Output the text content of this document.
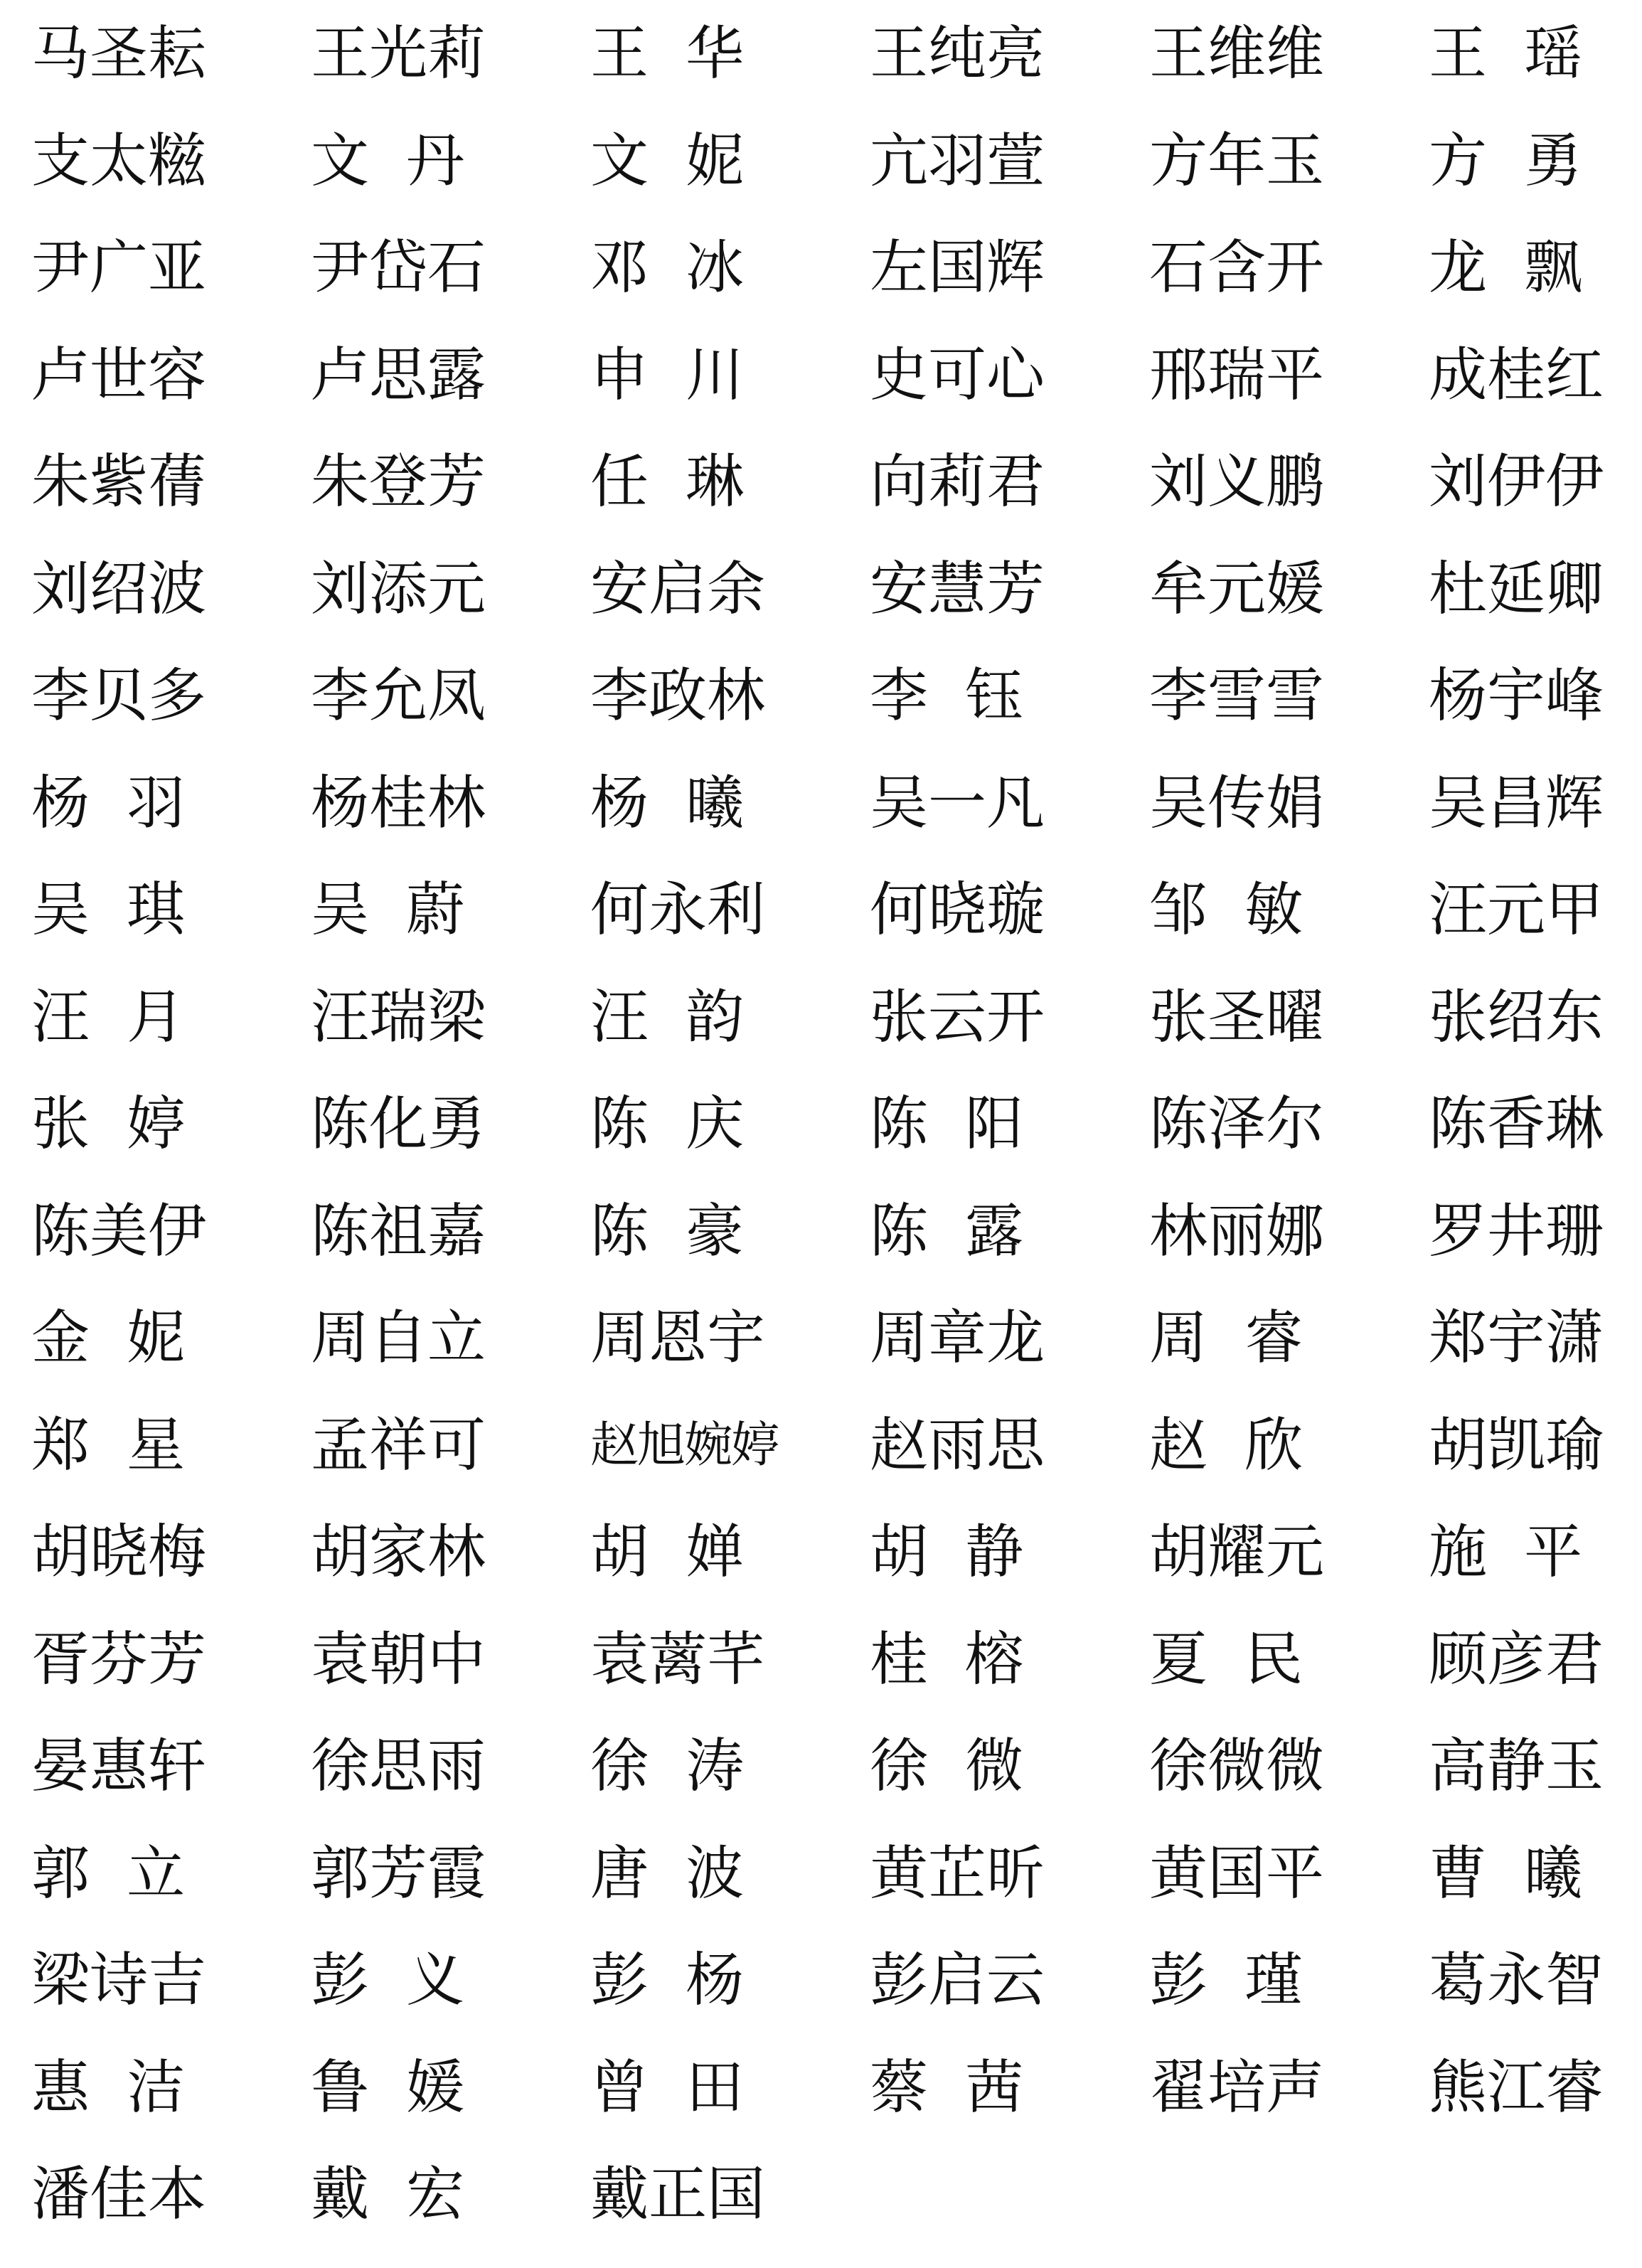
马圣耘	王光莉	王  华	王纯亮	王维维	王  瑶
支太糍	文  丹	文  妮	亢羽萱	方年玉	方  勇
尹广亚	尹岱石	邓  冰	左国辉	石含开	龙  飘
卢世容	卢思露	申  川	史可心	邢瑞平	成桂红
朱紫蒨	朱登芳	任  琳	向莉君	刘义鹏	刘伊伊
刘绍波	刘添元	安启余	安慧芳	牟元媛	杜延卿
李贝多	李允凤	李政林	李  钰	李雪雪	杨宇峰
杨  羽	杨桂林	杨  曦	吴一凡	吴传娟	吴昌辉
吴  琪	吴  蔚	何永利	何晓璇	邹  敏	汪元甲
汪  月	汪瑞梁	汪  韵	张云开	张圣曜	张绍东
张  婷	陈化勇	陈  庆	陈  阳	陈泽尔	陈香琳
陈美伊	陈祖嘉	陈  豪	陈  露	林丽娜	罗井珊
金  妮	周自立	周恩宇	周章龙	周  睿	郑宇潇
郑  星	孟祥可	赵旭婉婷	赵雨思	赵  欣	胡凯瑜
胡晓梅	胡家林	胡  婵	胡  静	胡耀元	施  平
胥芬芳	袁朝中	袁蓠芊	桂  榕	夏  民	顾彦君
晏惠轩	徐思雨	徐  涛	徐  微	徐微微	高静玉
郭  立	郭芳霞	唐  波	黄芷昕	黄国平	曹  曦
梁诗吉	彭  义	彭  杨	彭启云	彭  瑾	葛永智
惠  洁	鲁  媛	曾  田	蔡  茜	翟培声	熊江睿
潘佳本	戴  宏	戴正国
